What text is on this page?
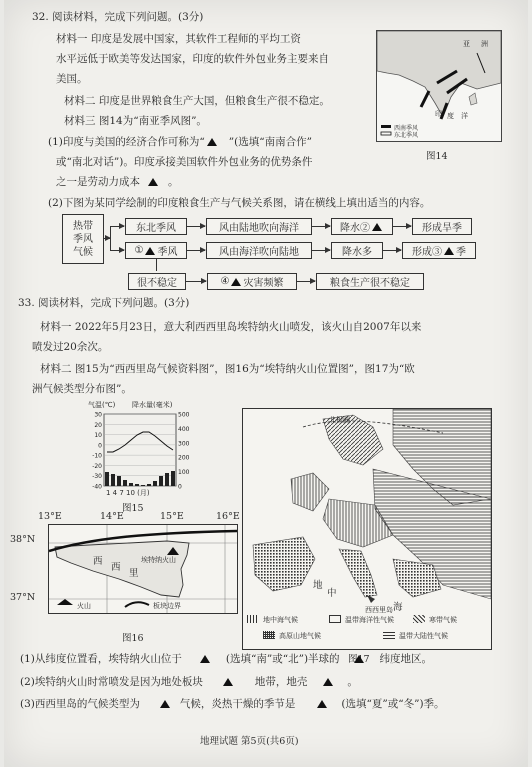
32. 阅读材料，完成下列问题。(3分)
材料一 印度是发展中国家，其软件工程师的平均工资
水平远低于欧美等发达国家，印度的软件外包业务主要来自
美国。
材料二 印度是世界粮食生产大国，但粮食生产很不稳定。
材料三 图14为“南亚季风图”。
(1)印度与美国的经济合作可称为“ ”(选填“南南合作”
或“南北对话”)。印度承接美国软件外包业务的优势条件
之一是劳动力成本	。
(2)下图为某同学绘制的印度粮食生产与气候关系图，请在横线上填出适当的内容。
亚 洲
印 度 洋
西南季风
东北季风
图14
热带
季风
气候
东北季风	风由陆地吹向海洋	降水②	形成旱季
① 季风	风由海洋吹向陆地	降水多	形成③ 季
很不稳定	④ 灾害频繁	粮食生产很不稳定
33. 阅读材料，完成下列问题。(3分)
材料一 2022年5月23日，意大利西西里岛埃特纳火山喷发，该火山自2007年以来
喷发过20余次。
材料二 图15为“西西里岛气候资料图”，图16为“埃特纳火山位置图”，图17为“欧
洲气候类型分布图”。
气温(℃) 降水量(毫米)
30
20
10
0
-10
-20
-30
-40
500
400
300
200
100
0
1 4 7 10 (月)
图15
13°E	14°E	15°E	16°E
38°N
37°N
西
西
里
埃特纳火山
火山	板块边界
图16
北极圈
地
中
海
西西里岛
地中海气候	温带海洋性气候	寒带气候
高原山地气候	温带大陆性气候
图17
(1)从纬度位置看，埃特纳火山位于	(选填“南”或“北”)半球的	纬度地区。
(2)埃特纳火山时常喷发是因为地处板块	地带，地壳	。
(3)西西里岛的气候类型为	气候，炎热干燥的季节是	(选填“夏”或“冬”)季。
地理试题 第5页(共6页)
